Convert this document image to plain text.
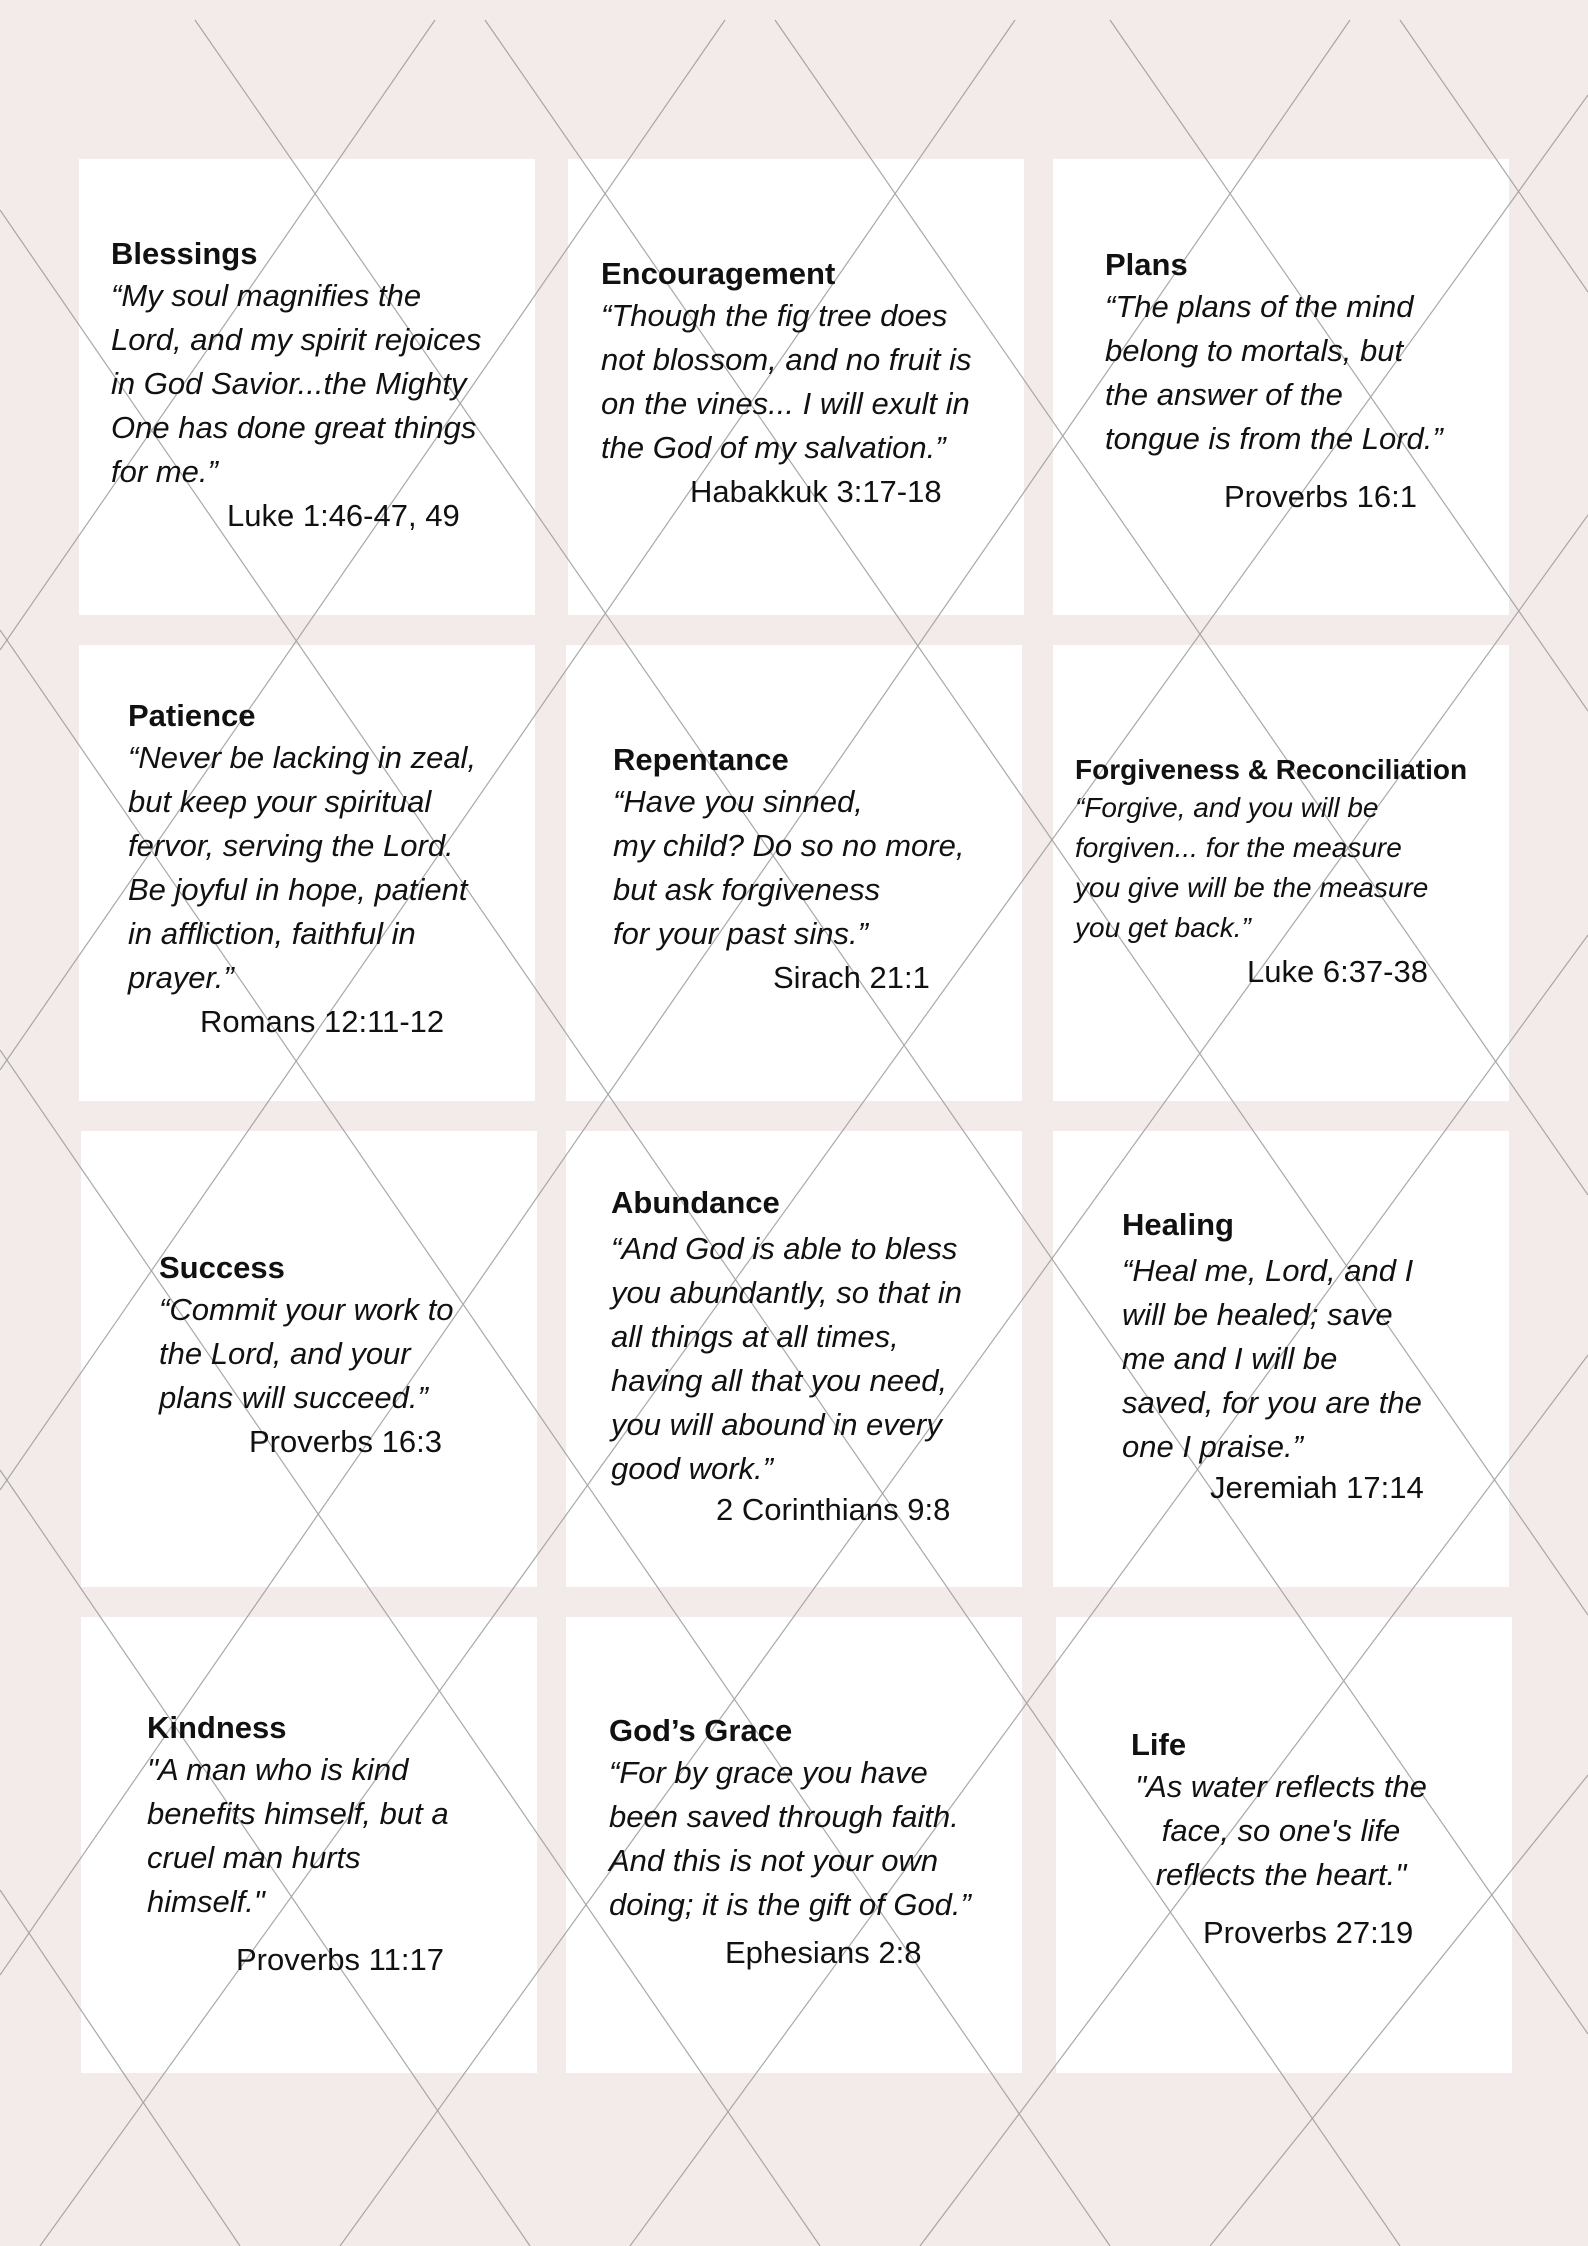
Blessings

“My soul magnifies the
Lord, and my spirit rejoices
in God Savior...the Mighty
One has done great things
for me.”

Luke 1:46-47, 49

Encouragement

“Though the fig tree does
not blossom, and no fruit is
on the vines... I will exult in
the God of my salvation.”

Habakkuk 3:17-18

Plans

“The plans of the mind
belong to mortals, but
the answer of the
tongue is from the Lord.”

Proverbs 16:1

Patience

“Never be lacking in zeal,
but keep your spiritual
fervor, serving the Lord.
Be joyful in hope, patient
in affliction, faithful in
prayer.”

Romans 12:11-12

Repentance

“Have you sinned,
my child? Do so no more,
but ask forgiveness
for your past sins.”

Sirach 21:1

Forgiveness & Reconciliation

“Forgive, and you will be
forgiven... for the measure
you give will be the measure
you get back.”

Luke 6:37-38

Success

“Commit your work to
the Lord, and your
plans will succeed.”

Proverbs 16:3

Abundance

“And God is able to bless
you abundantly, so that in
all things at all times,
having all that you need,
you will abound in every
good work.”

2 Corinthians 9:8

Healing

“Heal me, Lord, and I
will be healed; save
me and I will be
saved, for you are the
one I praise.”

Jeremiah 17:14

Kindness

"A man who is kind
benefits himself, but a
cruel man hurts
himself."

Proverbs 11:17

God’s Grace

“For by grace you have
been saved through faith.
And this is not your own
doing; it is the gift of God.”

Ephesians 2:8

Life

"As water reflects the
face, so one's life
reflects the heart."

Proverbs 27:19
